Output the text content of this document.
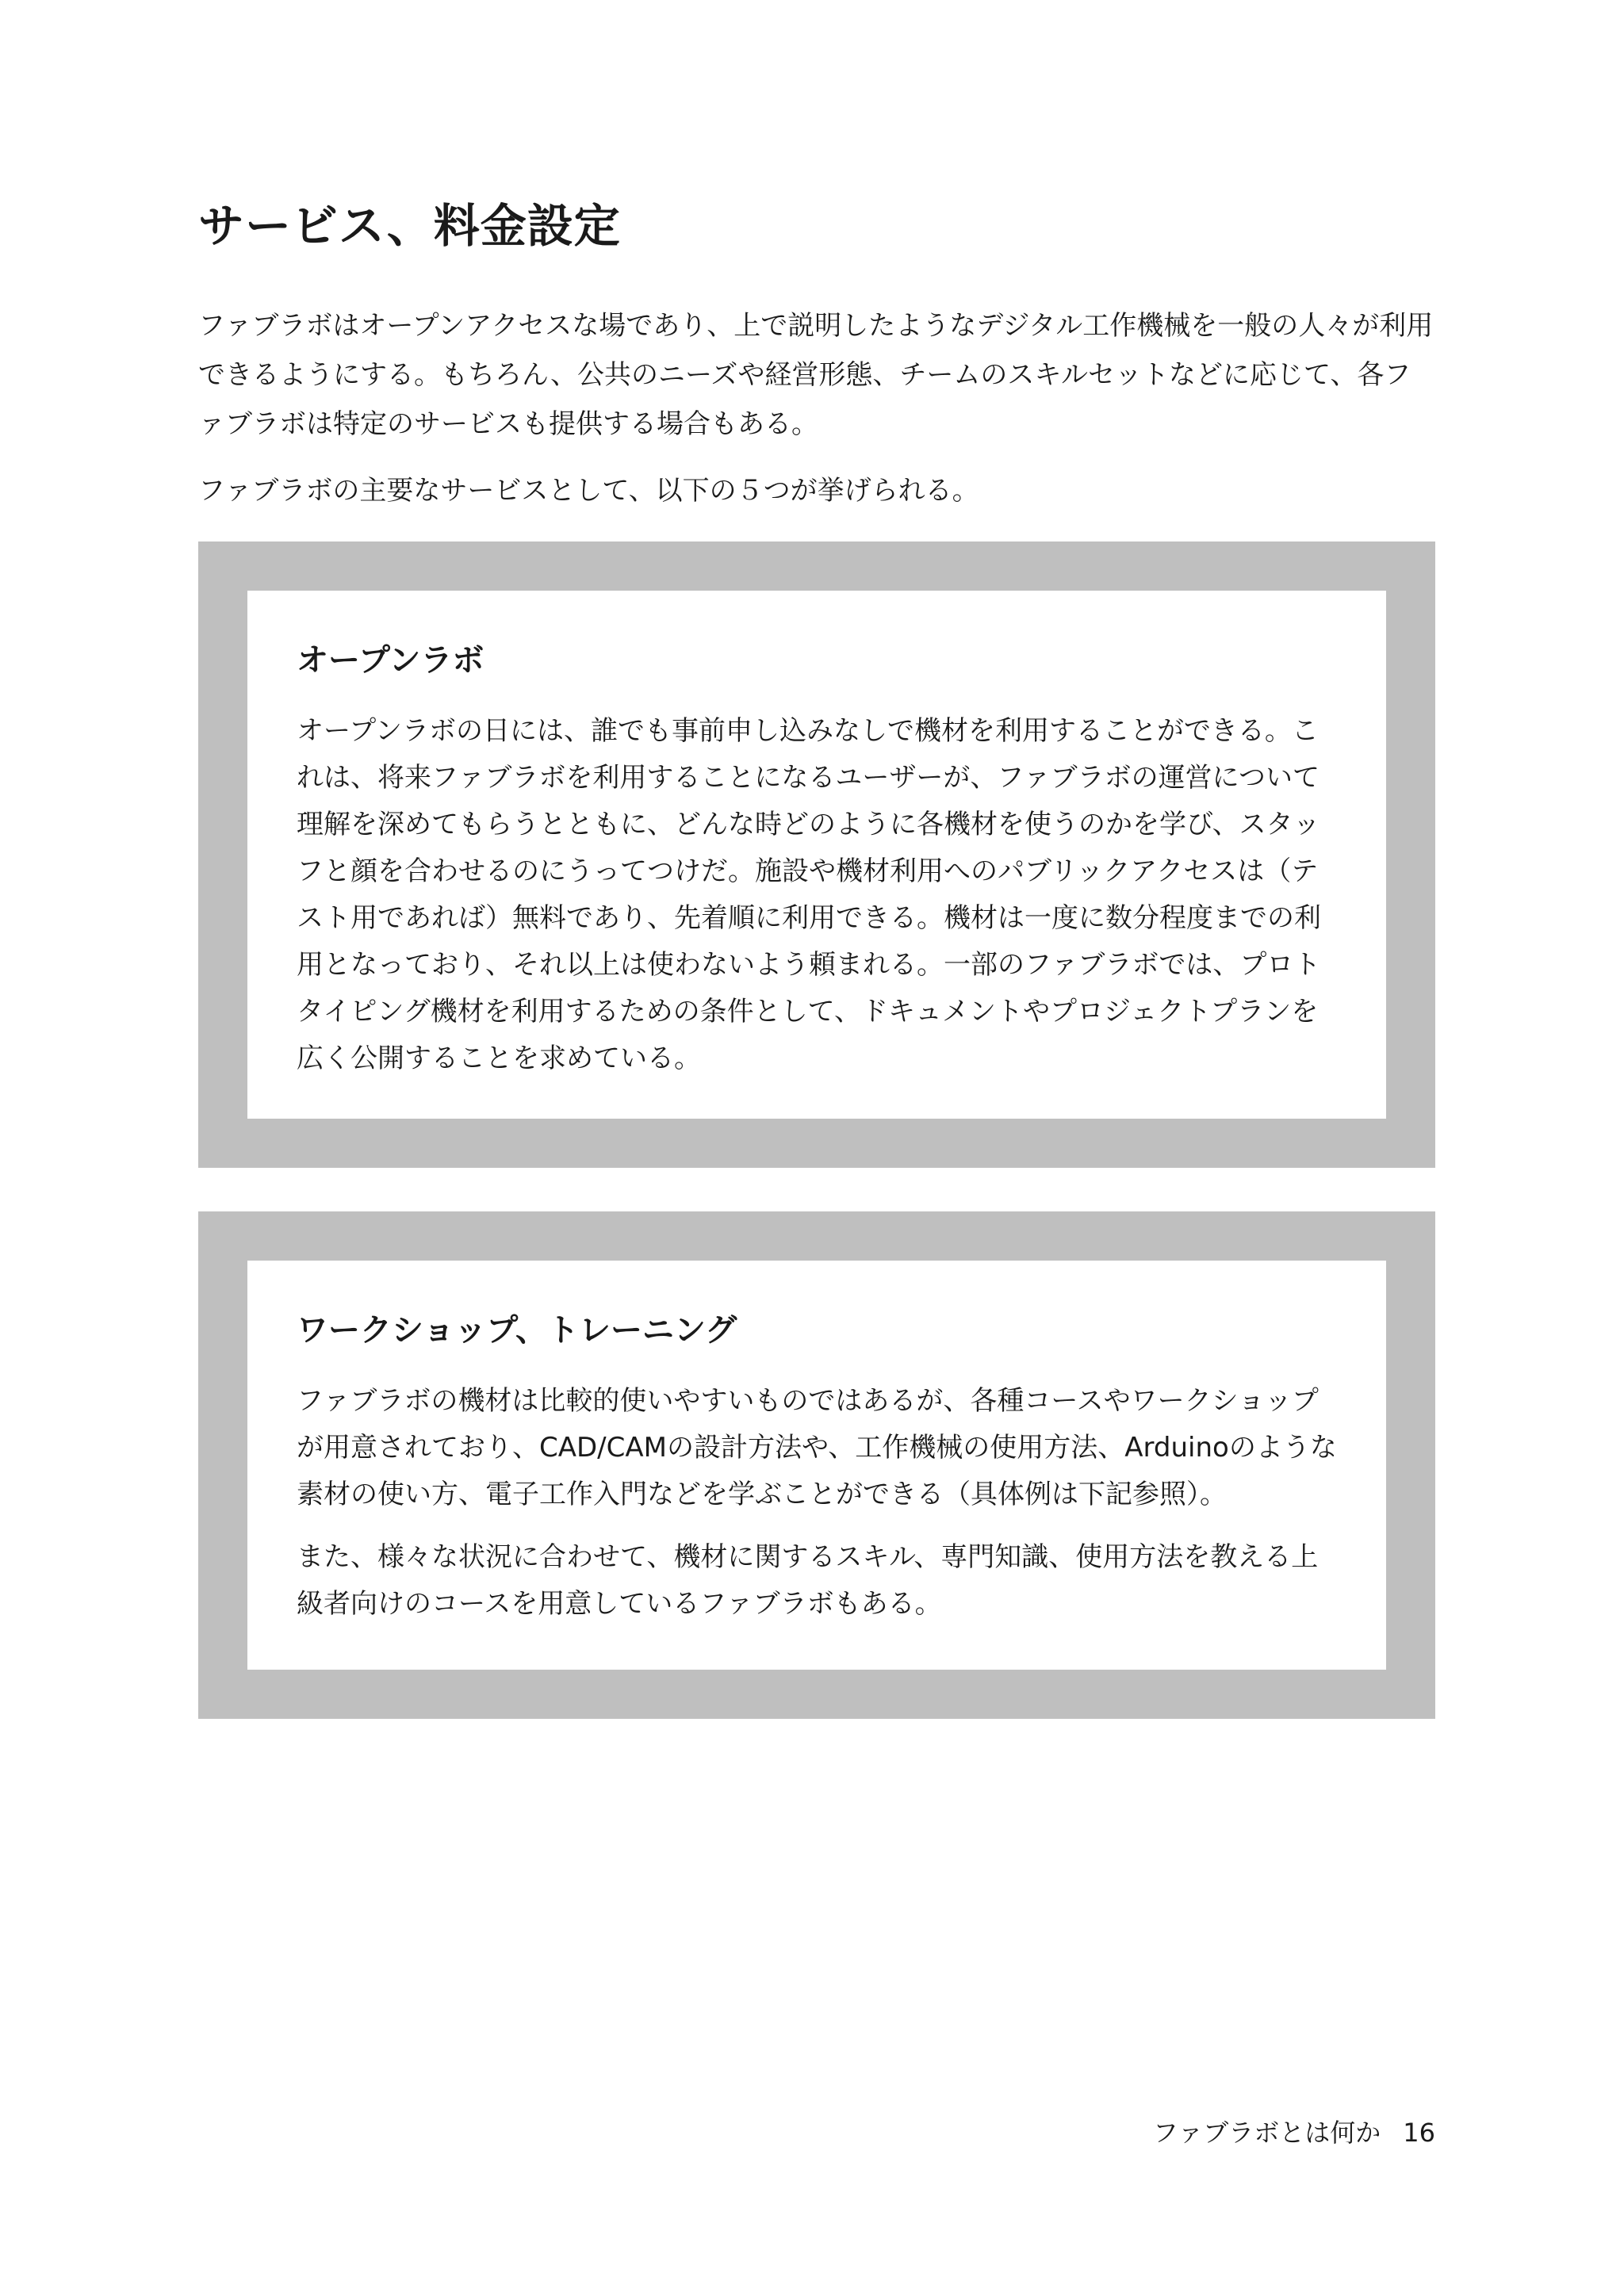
サービス、料金設定

ファブラボはオープンアクセスな場であり、上で説明したようなデジタル工作機械を一般の人々が利用できるようにする。もちろん、公共のニーズや経営形態、チームのスキルセットなどに応じて、各ファブラボは特定のサービスも提供する場合もある。

ファブラボの主要なサービスとして、以下の５つが挙げられる。

オープンラボ

オープンラボの日には、誰でも事前申し込みなしで機材を利用することができる。これは、将来ファブラボを利用することになるユーザーが、ファブラボの運営について理解を深めてもらうとともに、どんな時どのように各機材を使うのかを学び、スタッフと顔を合わせるのにうってつけだ。施設や機材利用へのパブリックアクセスは（テスト用であれば）無料であり、先着順に利用できる。機材は一度に数分程度までの利用となっており、それ以上は使わないよう頼まれる。一部のファブラボでは、プロトタイピング機材を利用するための条件として、ドキュメントやプロジェクトプランを広く公開することを求めている。

ワークショップ、トレーニング

ファブラボの機材は比較的使いやすいものではあるが、各種コースやワークショップが用意されており、CAD/CAMの設計方法や、工作機械の使用方法、Arduinoのような素材の使い方、電子工作入門などを学ぶことができる（具体例は下記参照）。

また、様々な状況に合わせて、機材に関するスキル、専門知識、使用方法を教える上級者向けのコースを用意しているファブラボもある。

ファブラボとは何か 16
